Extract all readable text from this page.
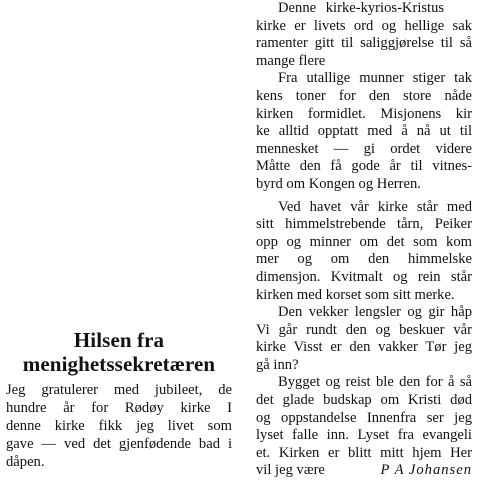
Hilsen fra
menighetssekretæren
Jeg gratulerer med jubileet, de
hundre år for Rødøy kirke I
denne kirke fikk jeg livet som
gave — ved det gjenfødende bad i
dåpen.
Denne kirke-kyrios-Kristus
kirke er livets ord og hellige sak
ramenter gitt til saliggjørelse til så
mange flere
Fra utallige munner stiger tak
kens toner for den store nåde
kirken formidlet. Misjonens kir
ke alltid opptatt med å nå ut til
mennesket — gi ordet videre
Måtte den få gode år til vitnes-
byrd om Kongen og Herren.
Ved havet vår kirke står med
sitt himmelstrebende tårn, Peiker
opp og minner om det som kom
mer og om den himmelske
dimensjon. Kvitmalt og rein står
kirken med korset som sitt merke.
Den vekker lengsler og gir håp
Vi går rundt den og beskuer vår
kirke Visst er den vakker Tør jeg
gå inn?
Bygget og reist ble den for å så
det glade budskap om Kristi død
og oppstandelse Innenfra ser jeg
lyset falle inn. Lyset fra evangeli
et. Kirken er blitt mitt hjem Her
vil jeg være	P A Johansen
